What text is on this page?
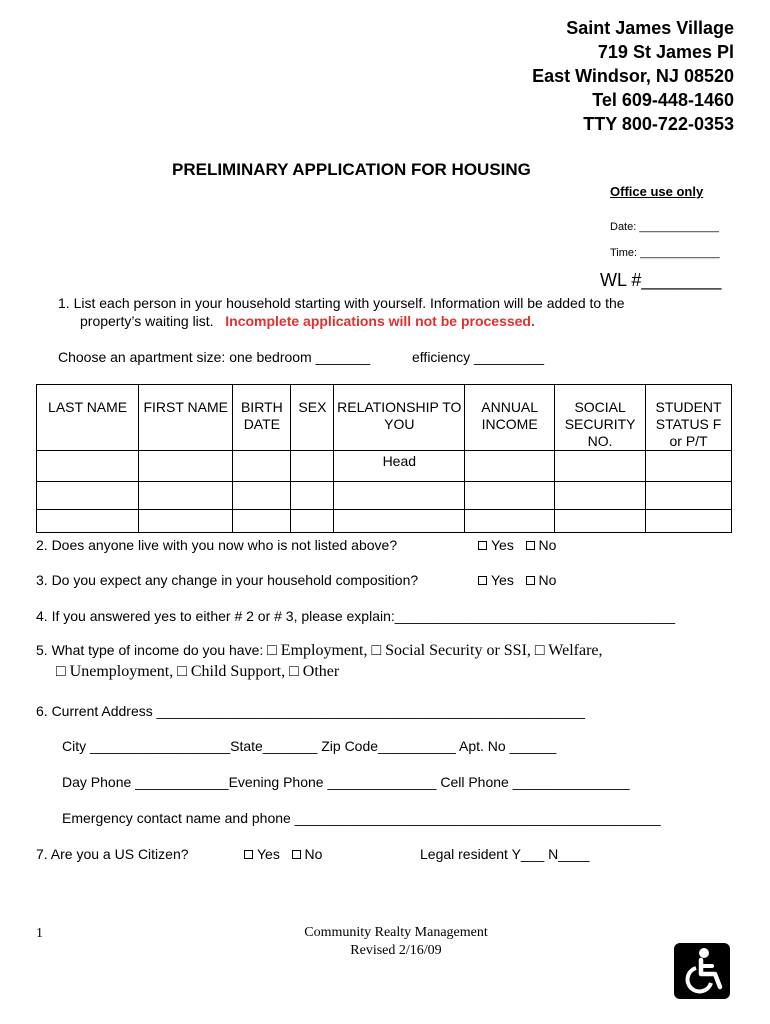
Saint James Village
719 St James Pl
East Windsor, NJ 08520
Tel 609-448-1460
TTY 800-722-0353
PRELIMINARY APPLICATION FOR HOUSING
Office use only
Date: _____________
Time: _____________
WL #________
1. List each person in your household starting with yourself. Information will be added to the
property’s waiting list. Incomplete applications will not be processed.
Choose an apartment size: one bedroom _______	efficiency _________
LAST NAME	FIRST NAME	BIRTH DATE	SEX	RELATIONSHIP TO YOU	ANNUAL INCOME	SOCIAL SECURITY NO.	STUDENT STATUS F or P/T
				Head			

2. Does anyone live with you now who is not listed above?	Yes No
3. Do you expect any change in your household composition?	Yes No
4. If you answered yes to either # 2 or # 3, please explain:____________________________________
5. What type of income do you have: □ Employment, □ Social Security or SSI, □ Welfare,
□ Unemployment, □ Child Support, □ Other
6. Current Address _______________________________________________________
City __________________State_______ Zip Code__________ Apt. No ______
Day Phone ____________Evening Phone ______________ Cell Phone _______________
Emergency contact name and phone _______________________________________________
7. Are you a US Citizen?	Yes No	Legal resident Y___ N____
1	Community Realty Management
Revised 2/16/09
